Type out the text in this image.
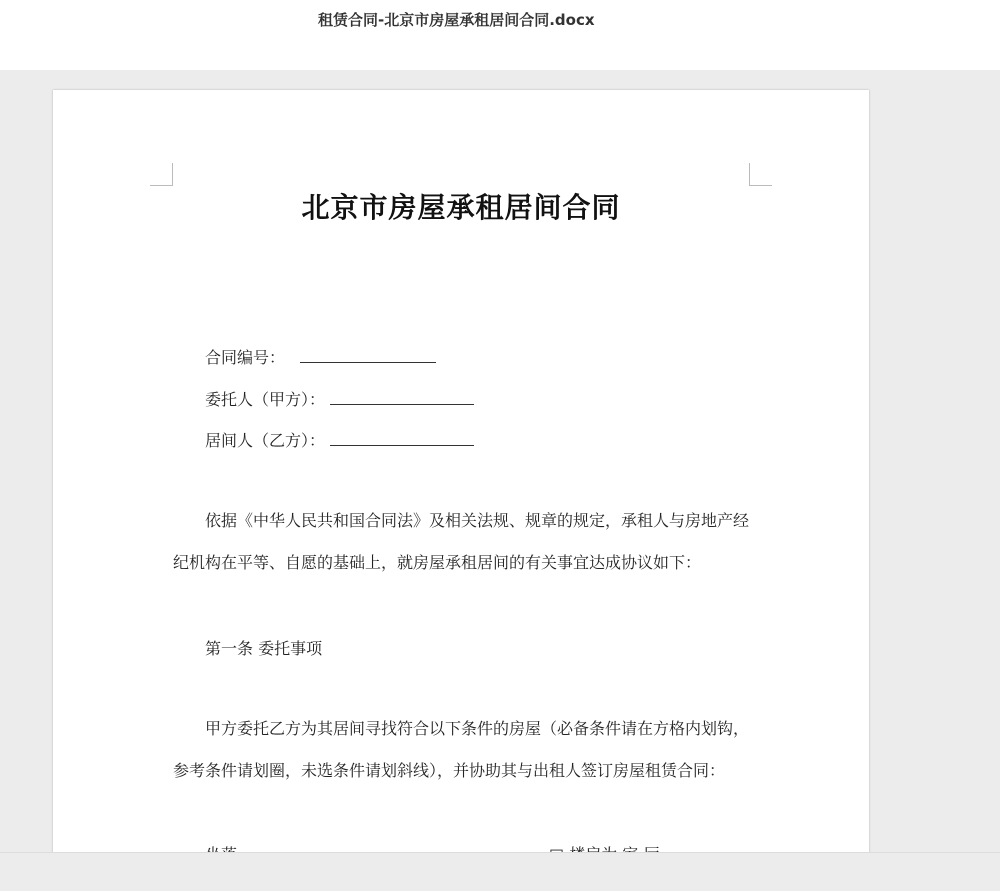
租赁合同-北京市房屋承租居间合同.docx
北京市房屋承租居间合同
合同编号：
委托人（甲方）：
居间人（乙方）：
依据《中华人民共和国合同法》及相关法规、规章的规定，承租人与房地产经纪机构在平等、自愿的基础上，就房屋承租居间的有关事宜达成协议如下：
第一条 委托事项
甲方委托乙方为其居间寻找符合以下条件的房屋（必备条件请在方格内划钩，参考条件请划圈，未选条件请划斜线），并协助其与出租人签订房屋租赁合同：
